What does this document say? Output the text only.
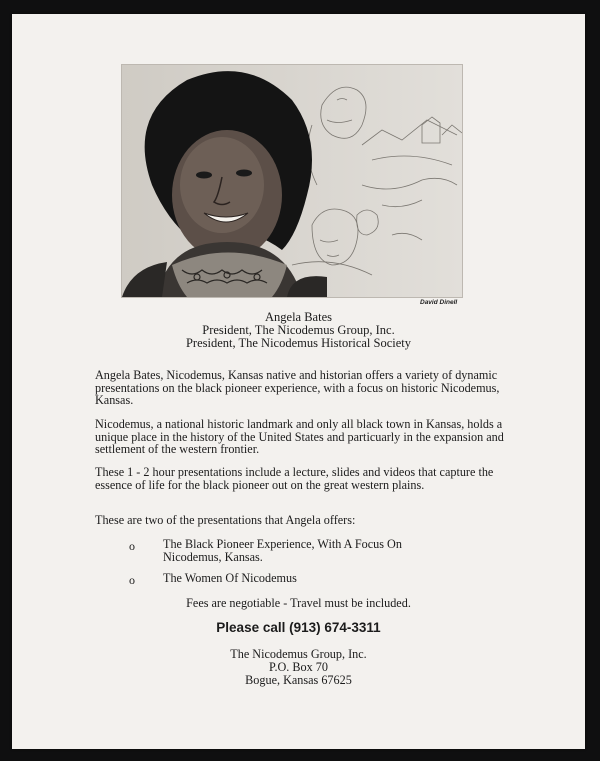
David Dinell
Angela Bates
President, The Nicodemus Group, Inc.
President, The Nicodemus Historical Society
Angela Bates, Nicodemus, Kansas native and historian offers a variety of dynamic presentations on the black pioneer experience, with a focus on historic Nicodemus, Kansas.
Nicodemus, a national historic landmark and only all black town in Kansas, holds a unique place in the history of the United States and particuarly in the expansion and settlement of the western frontier.
These 1 - 2 hour presentations include a lecture, slides and videos that capture the essence of life for the black pioneer out on the great western plains.
These are two of the presentations that Angela offers:
o The Black Pioneer Experience, With A Focus On
Nicodemus, Kansas.
o The Women Of Nicodemus
Fees are negotiable - Travel must be included.
Please call (913) 674-3311
The Nicodemus Group, Inc.
P.O. Box 70
Bogue, Kansas 67625
